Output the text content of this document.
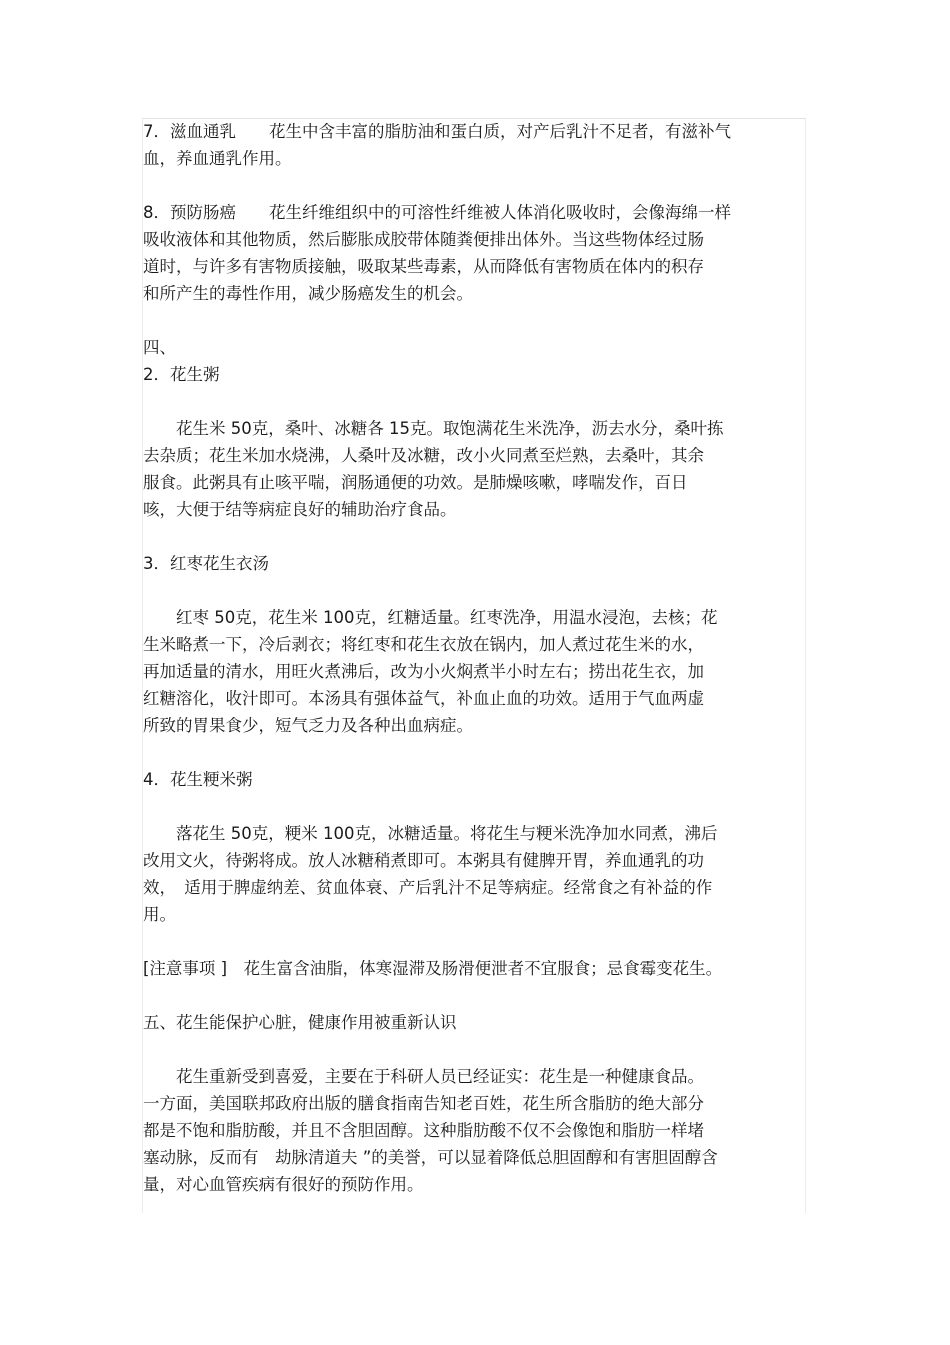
7．滋血通乳　　花生中含丰富的脂肪油和蛋白质，对产后乳汁不足者，有滋补气

血，养血通乳作用。

8．预防肠癌　　花生纤维组织中的可溶性纤维被人体消化吸收时，会像海绵一样

吸收液体和其他物质，然后膨胀成胶带体随粪便排出体外。当这些物体经过肠

道时，与许多有害物质接触，吸取某些毒素，从而降低有害物质在体内的积存

和所产生的毒性作用，减少肠癌发生的机会。

四、

2．花生粥

花生米 50克，桑叶、冰糖各 15克。取饱满花生米洗净，沥去水分，桑叶拣

去杂质；花生米加水烧沸，人桑叶及冰糖，改小火同煮至烂熟，去桑叶，其余

服食。此粥具有止咳平喘，润肠通便的功效。是肺燥咳嗽，哮喘发作，百日

咳，大便于结等病症良好的辅助治疗食品。

3．红枣花生衣汤

红枣 50克，花生米 100克，红糖适量。红枣洗净，用温水浸泡，去核；花

生米略煮一下，冷后剥衣；将红枣和花生衣放在锅内，加人煮过花生米的水，

再加适量的清水，用旺火煮沸后，改为小火焖煮半小时左右；捞出花生衣，加

红糖溶化，收汁即可。本汤具有强体益气，补血止血的功效。适用于气血两虚

所致的胃果食少，短气乏力及各种出血病症。

4．花生粳米粥

落花生 50克，粳米 100克，冰糖适量。将花生与粳米洗净加水同煮，沸后

改用文火，待粥将成。放人冰糖稍煮即可。本粥具有健脾开胃，养血通乳的功

效，　适用于脾虚纳差、贫血体衰、产后乳汁不足等病症。经常食之有补益的作

用。

[注意事项 ]　花生富含油脂，体寒湿滞及肠滑便泄者不宜服食；忌食霉变花生。

五、花生能保护心脏，健康作用被重新认识

花生重新受到喜爱，主要在于科研人员已经证实：花生是一种健康食品。

一方面，美国联邦政府出版的膳食指南告知老百姓，花生所含脂肪的绝大部分

都是不饱和脂肪酸，并且不含胆固醇。这种脂肪酸不仅不会像饱和脂肪一样堵

塞动脉，反而有　劫脉清道夫 ”的美誉，可以显着降低总胆固醇和有害胆固醇含

量，对心血管疾病有很好的预防作用。
